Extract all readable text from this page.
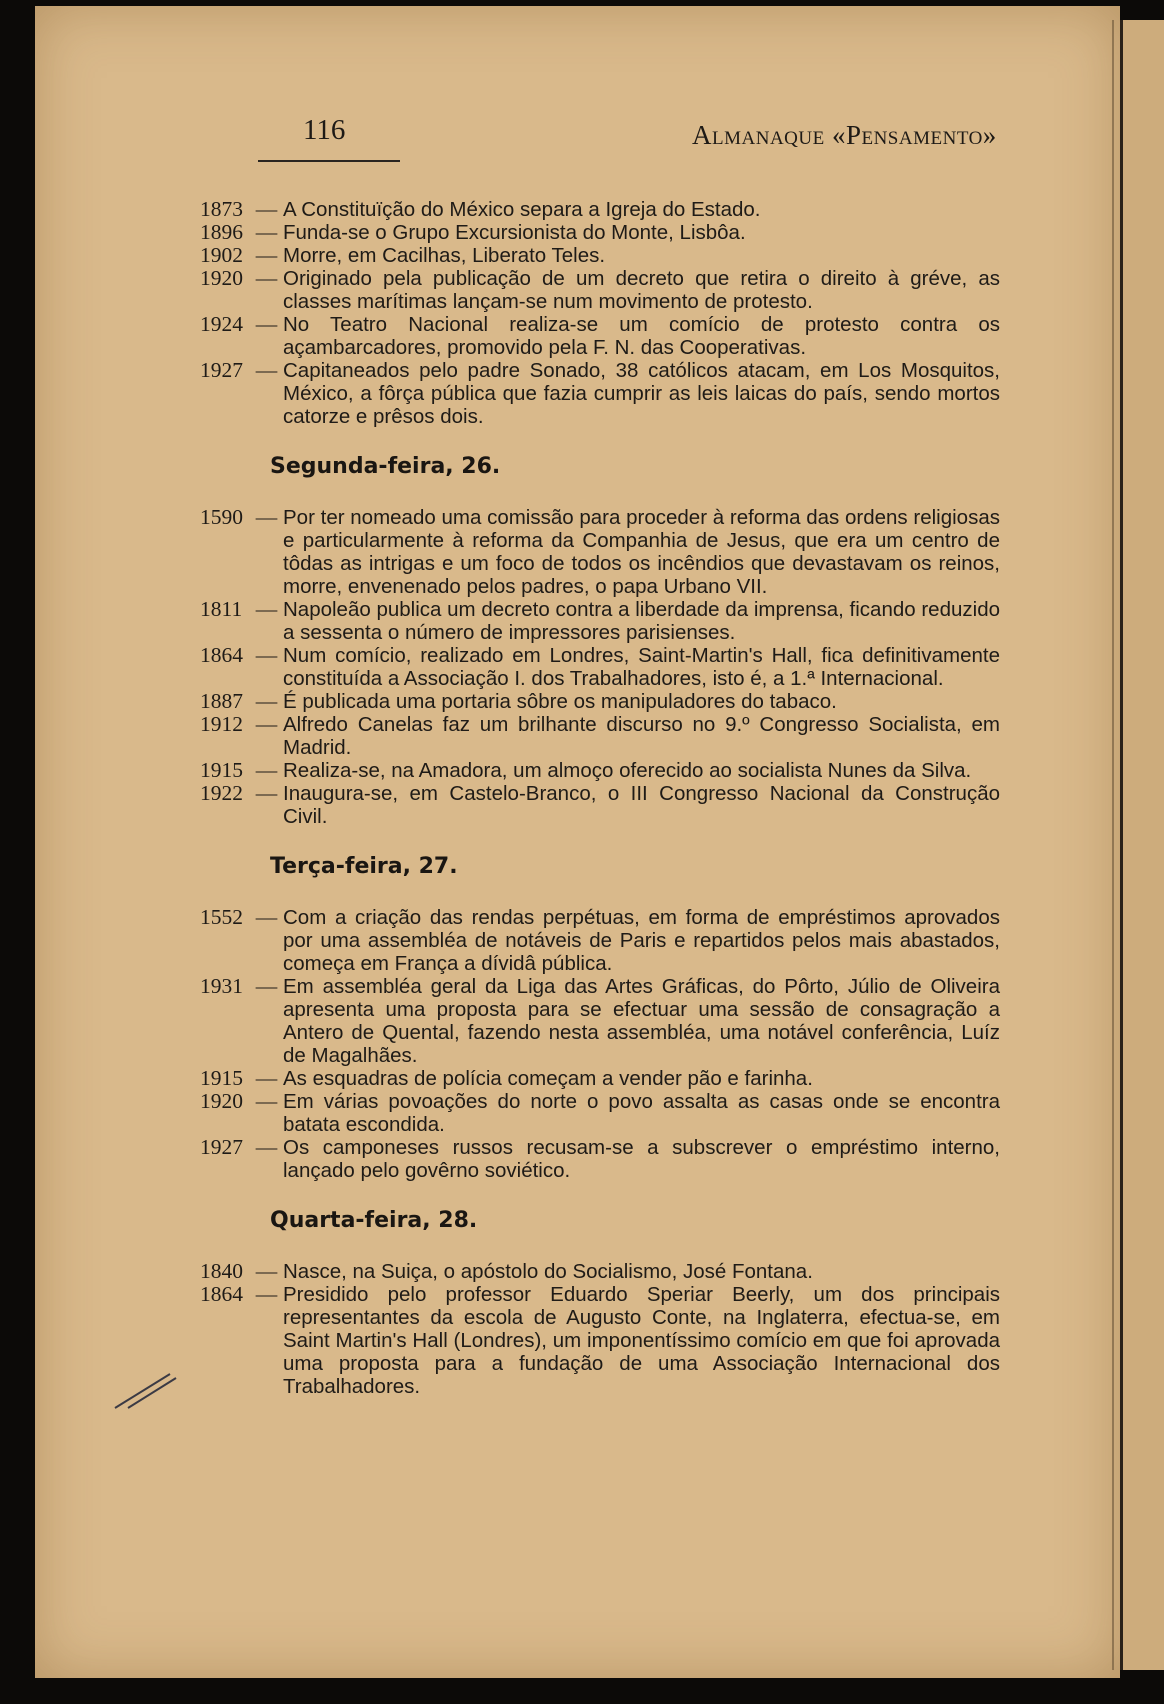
116	Almanaque «Pensamento»
1873 — A Constituïção do México separa a Igreja do Estado.
1896 — Funda-se o Grupo Excursionista do Monte, Lisbôa.
1902 — Morre, em Cacilhas, Liberato Teles.
1920 — Originado pela publicação de um decreto que retira o direito à gréve, as classes marítimas lançam-se num movimento de protesto.
1924 — No Teatro Nacional realiza-se um comício de protesto contra os açambarcadores, promovido pela F. N. das Cooperativas.
1927 — Capitaneados pelo padre Sonado, 38 católicos atacam, em Los Mosquitos, México, a fôrça pública que fazia cumprir as leis laicas do país, sendo mortos catorze e prêsos dois.
Segunda-feira, 26.
1590 — Por ter nomeado uma comissão para proceder à reforma das ordens religiosas e particularmente à reforma da Companhia de Jesus, que era um centro de tôdas as intrigas e um foco de todos os incêndios que devastavam os reinos, morre, envenenado pelos padres, o papa Urbano VII.
1811 — Napoleão publica um decreto contra a liberdade da imprensa, ficando reduzido a sessenta o número de impressores parisienses.
1864 — Num comício, realizado em Londres, Saint-Martin's Hall, fica definitivamente constituída a Associação I. dos Trabalhadores, isto é, a 1.ª Internacional.
1887 — É publicada uma portaria sôbre os manipuladores do tabaco.
1912 — Alfredo Canelas faz um brilhante discurso no 9.º Congresso Socialista, em Madrid.
1915 — Realiza-se, na Amadora, um almoço oferecido ao socialista Nunes da Silva.
1922 — Inaugura-se, em Castelo-Branco, o III Congresso Nacional da Construção Civil.
Terça-feira, 27.
1552 — Com a criação das rendas perpétuas, em forma de empréstimos aprovados por uma assembléa de notáveis de Paris e repartidos pelos mais abastados, começa em França a dívidâ pública.
1931 — Em assembléa geral da Liga das Artes Gráficas, do Pôrto, Júlio de Oliveira apresenta uma proposta para se efectuar uma sessão de consagração a Antero de Quental, fazendo nesta assembléa, uma notável conferência, Luíz de Magalhães.
1915 — As esquadras de polícia começam a vender pão e farinha.
1920 — Em várias povoações do norte o povo assalta as casas onde se encontra batata escondida.
1927 — Os camponeses russos recusam-se a subscrever o empréstimo interno, lançado pelo govêrno soviético.
Quarta-feira, 28.
1840 — Nasce, na Suiça, o apóstolo do Socialismo, José Fontana.
1864 — Presidido pelo professor Eduardo Speriar Beerly, um dos principais representantes da escola de Augusto Conte, na Inglaterra, efectua-se, em Saint Martin's Hall (Londres), um imponentíssimo comício em que foi aprovada uma proposta para a fundação de uma Associação Internacional dos Trabalhadores.
